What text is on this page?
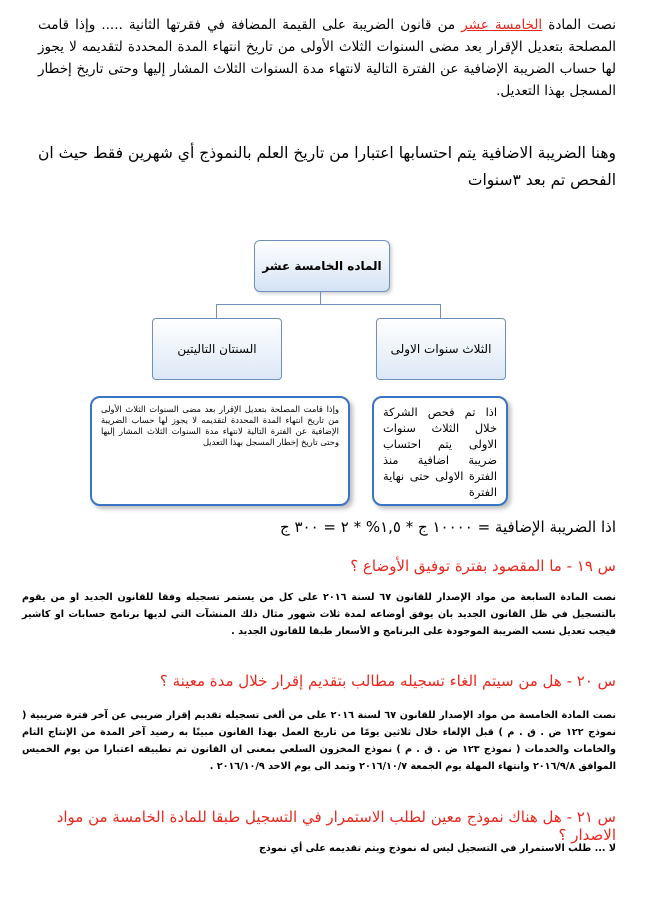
نصت المادة الخامسة عشر من قانون الضريبة على القيمة المضافة في فقرتها الثانية ..... وإذا قامت المصلحة بتعديل الإقرار بعد مضى السنوات الثلاث الأولى من تاريخ انتهاء المدة المحددة لتقديمه لا يجوز لها حساب الضريبة الإضافية عن الفترة التالية لانتهاء مدة السنوات الثلاث المشار إليها وحتى تاريخ إخطار المسجل بهذا التعديل.
وهنا الضريبة الاضافية يتم احتسابها اعتبارا من تاريخ العلم بالنموذج أي شهرين فقط حيث ان الفحص تم بعد ٣سنوات
الماده الخامسة عشر
السنتان التاليتين	الثلاث سنوات الاولى
وإذا قامت المصلحة بتعديل الإقرار بعد مضى السنوات الثلاث الأولى من تاريخ انتهاء المدة المحددة لتقديمه لا يجوز لها حساب الضريبة الإضافية عن الفترة التالية لانتهاء مدة السنوات الثلاث المشار إليها وحتى تاريخ إخطار المسجل بهذا التعديل
اذا تم فحص الشركة خلال الثلاث سنوات الاولى يتم احتساب ضريبة اضافية منذ الفترة الاولى حتى نهاية الفترة
اذا الضريبة الإضافية = ١٠٠٠٠ ج * ١,٥% * ٢ = ٣٠٠ ج
س ١٩ - ما المقصود بفترة توفيق الأوضاع ؟
نصت المادة السابعة من مواد الإصدار للقانون ٦٧ لسنة ٢٠١٦ على كل من يستمر تسجيله وفقا للقانون الجديد او من يقوم بالتسجيل في ظل القانون الجديد بان يوفق أوضاعه لمدة ثلاث شهور مثال ذلك المنشآت التي لديها برنامج حسابات او كاشير فيجب تعديل نسب الضريبة الموجودة على البرنامج و الأسعار طبقا للقانون الجديد .
س ٢٠ - هل من سيتم الغاء تسجيله مطالب بتقديم إقرار خلال مدة معينة ؟
نصت المادة الخامسة من مواد الإصدار للقانون ٦٧ لسنة ٢٠١٦ على من ألغى تسجيله تقديم إقرار ضريبي عن آخر فترة ضريبية ( نموذج ١٢٢ ض . ق . م ) قبل الإلغاء خلال ثلاثين يومًا من تاريخ العمل بهذا القانون مبينًا به رصيد آخر المدة من الإنتاج التام والخامات والخدمات ( نموذج ١٢٣ ض . ق . م ) نموذج المخزون السلعي بمعنى ان القانون تم تطبيقه اعتبارا من يوم الخميس الموافق ٢٠١٦/٩/٨ وانتهاء المهلة يوم الجمعة ٢٠١٦/١٠/٧ وتمد الى يوم الاحد ٢٠١٦/١٠/٩ .
س ٢١ - هل هناك نموذج معين لطلب الاستمرار في التسجيل طبقا للمادة الخامسة من مواد الاصدار ؟
لا ... طلب الاستمرار في التسجيل ليس له نموذج ويتم تقديمه على أي نموذج
